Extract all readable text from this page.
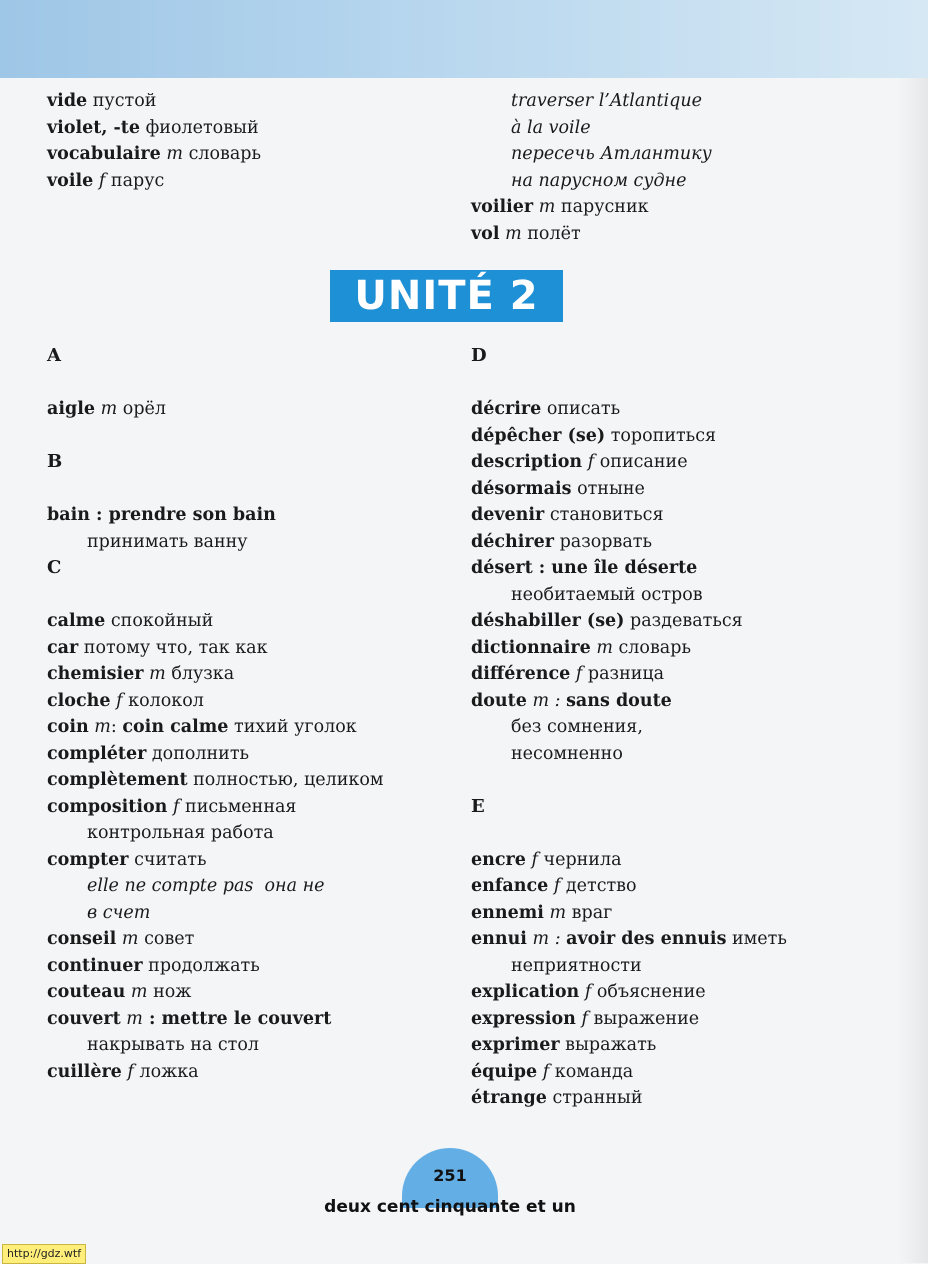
vide пустой
violet, -te фиолетовый
vocabulaire m словарь
voile f парус
A
aigle m орёл
B
bain : prendre son bain
принимать ванну
C
calme спокойный
car потому что, так как
chemisier m блузка
cloche f колокол
coin m: coin calme тихий уголок
compléter дополнить
complètement полностью, целиком
composition f письменная
контрольная работа
compter считать
elle ne compte pas она не
в счет
conseil m совет
continuer продолжать
couteau m нож
couvert m : mettre le couvert
накрывать на стол
cuillère f ложка
traverser l’Atlantique
à la voile
пересечь Атлантику
на парусном судне
voilier m парусник
vol m полёт
D
décrire описать
dépêcher (se) торопиться
description f описание
désormais отныне
devenir становиться
déchirer разорвать
désert : une île déserte
необитаемый остров
déshabiller (se) раздеваться
dictionnaire m словарь
différence f разница
doute m : sans doute
без сомнения,
несомненно
E
encre f чернила
enfance f детство
ennemi m враг
ennui m : avoir des ennuis иметь
неприятности
explication f объяснение
expression f выражение
exprimer выражать
équipe f команда
étrange странный
UNITÉ 2
251
deux cent cinquante et un
http://gdz.wtf
